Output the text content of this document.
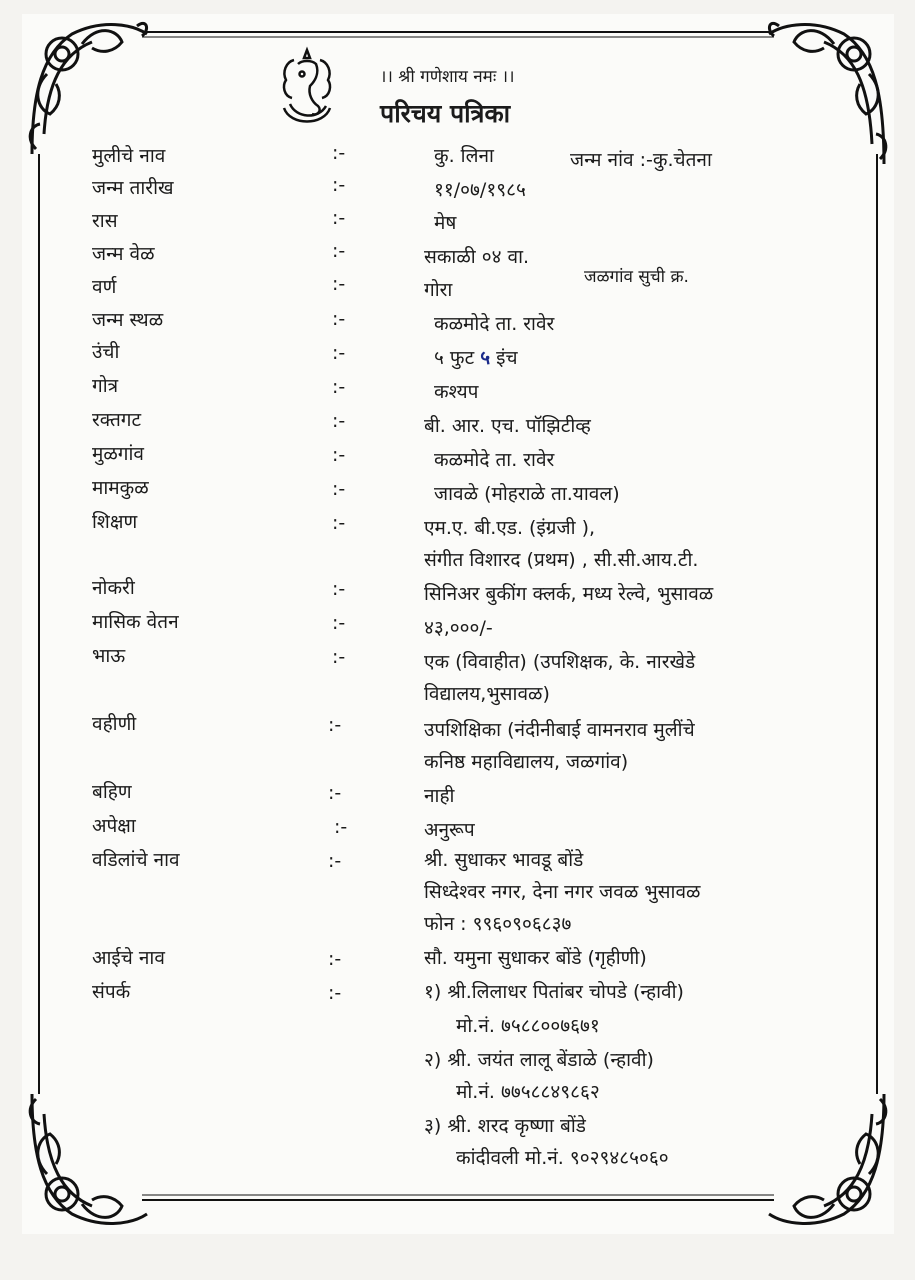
।। श्री गणेशाय नमः ।।
परिचय पत्रिका
मुलीचे नाव	:-	कु. लिना	जन्म नांव :-कु.चेतना
जन्म तारीख	:-	११/०७/१९८५
रास	:-	मेष
जन्म वेळ	:-	सकाळी ०४ वा.
वर्ण	:-	गोरा
जळगांव सुची क्र.
जन्म स्थळ	:-	कळमोदे ता. रावेर
उंची	:-	५ फुट ५ इंच
गोत्र	:-	कश्यप
रक्तगट	:-	बी. आर. एच. पॉझिटीव्ह
मुळगांव	:-	कळमोदे ता. रावेर
मामकुळ	:-	जावळे (मोहराळे ता.यावल)
शिक्षण	:-	एम.ए. बी.एड. (इंग्रजी ),
संगीत विशारद (प्रथम) , सी.सी.आय.टी.
नोकरी	:-	सिनिअर बुकींग क्लर्क, मध्य रेल्वे, भुसावळ
मासिक वेतन	:-	४३,०००/-
भाऊ	:-	एक (विवाहीत) (उपशिक्षक, के. नारखेडे
विद्यालय,भुसावळ)
वहीणी	:-	उपशिक्षिका (नंदीनीबाई वामनराव मुलींचे
कनिष्ठ महाविद्यालय, जळगांव)
बहिण	:-	नाही
अपेक्षा	:-	अनुरूप
वडिलांचे नाव	:-	श्री. सुधाकर भावडू बोंडे
सिध्देश्वर नगर, देना नगर जवळ भुसावळ
फोन : ९९६०९०६८३७
आईचे नाव	:-	सौ. यमुना सुधाकर बोंडे (गृहीणी)
संपर्क	:-	१) श्री.लिलाधर पितांबर चोपडे (न्हावी)
मो.नं. ७५८८००७६७१
२) श्री. जयंत लालू बेंडाळे (न्हावी)
मो.नं. ७७५८८४९८६२
३) श्री. शरद कृष्णा बोंडे
कांदीवली मो.नं. ९०२९४८५०६०
